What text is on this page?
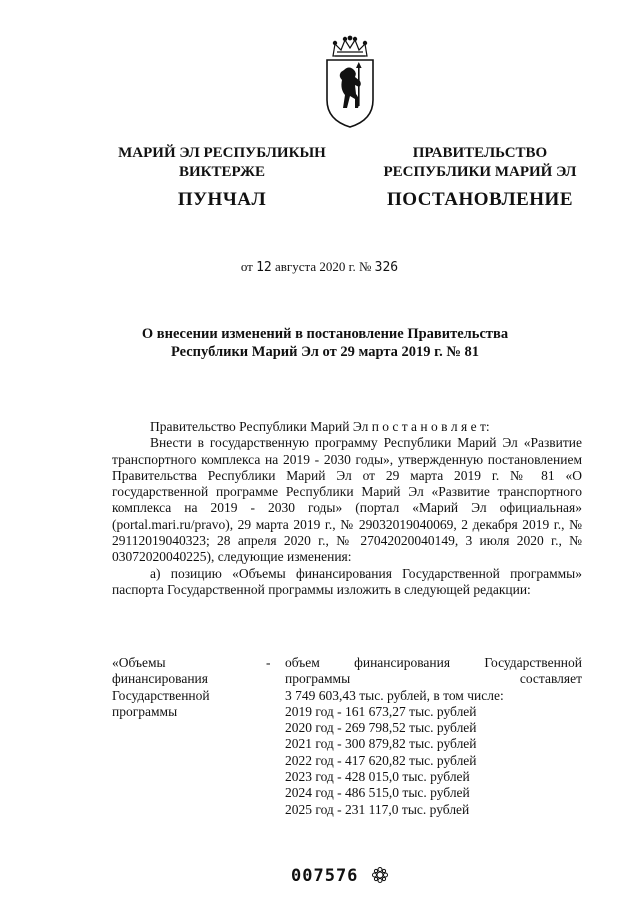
МАРИЙ ЭЛ РЕСПУБЛИКЫН
ВИКТЕРЖЕ
ПУНЧАЛ
ПРАВИТЕЛЬСТВО
РЕСПУБЛИКИ МАРИЙ ЭЛ
ПОСТАНОВЛЕНИЕ
от 12 августа 2020 г. № 326
О внесении изменений в постановление Правительства
Республики Марий Эл от 29 марта 2019 г. № 81

Правительство Республики Марий Эл п о с т а н о в л я е т:

Внести в государственную программу Республики Марий Эл «Развитие транспортного комплекса на 2019 - 2030 годы», утвержденную постановлением Правительства Республики Марий Эл от 29 марта 2019 г. № 81 «О государственной программе Республики Марий Эл «Развитие транспортного комплекса на 2019 - 2030 годы» (портал «Марий Эл официальная» (portal.mari.ru/pravo), 29 марта 2019 г., № 29032019040069, 2 декабря 2019 г., № 29112019040323; 28 апреля 2020 г., № 27042020040149, 3 июля 2020 г., № 03072020040225), следующие изменения:

а) позицию «Объемы финансирования Государственной программы» паспорта Государственной программы изложить в следующей редакции:

«Объемы
финансирования
Государственной
программы
- объем финансирования Государственной
программы	составляет
3 749 603,43 тыс. рублей, в том числе:
2019 год - 161 673,27 тыс. рублей
2020 год - 269 798,52 тыс. рублей
2021 год - 300 879,82 тыс. рублей
2022 год - 417 620,82 тыс. рублей
2023 год - 428 015,0 тыс. рублей
2024 год - 486 515,0 тыс. рублей
2025 год - 231 117,0 тыс. рублей
007576
